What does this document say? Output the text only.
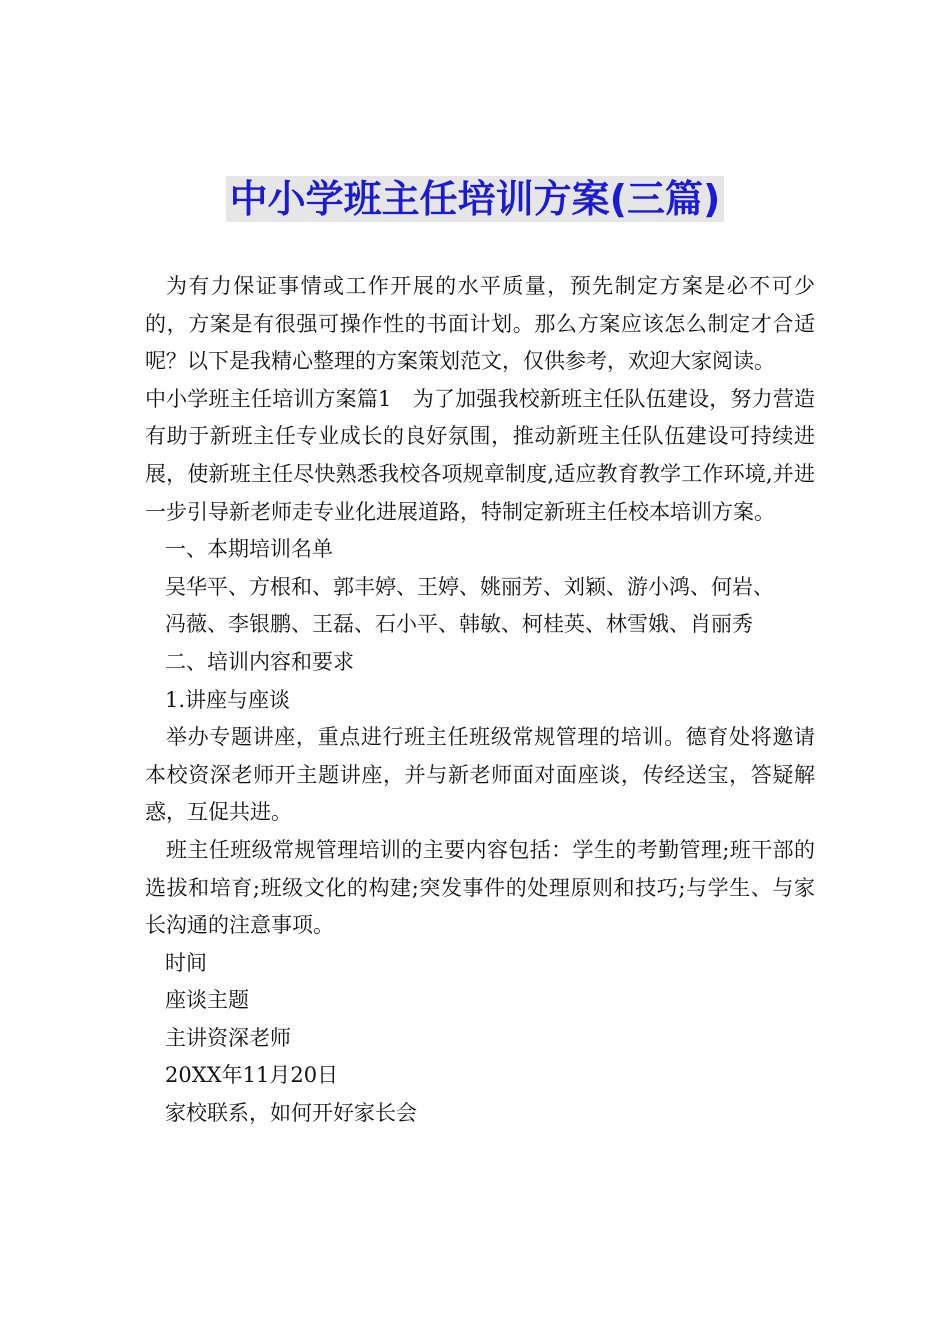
中小学班主任培训方案(三篇)

为有力保证事情或工作开展的水平质量，预先制定方案是必不可少的，方案是有很强可操作性的书面计划。那么方案应该怎么制定才合适呢？以下是我精心整理的方案策划范文，仅供参考，欢迎大家阅读。

中小学班主任培训方案篇1　为了加强我校新班主任队伍建设，努力营造有助于新班主任专业成长的良好氛围，推动新班主任队伍建设可持续进展，使新班主任尽快熟悉我校各项规章制度,适应教育教学工作环境,并进一步引导新老师走专业化进展道路，特制定新班主任校本培训方案。

一、本期培训名单

吴华平、方根和、郭丰婷、王婷、姚丽芳、刘颖、游小鸿、何岩、

冯薇、李银鹏、王磊、石小平、韩敏、柯桂英、林雪娥、肖丽秀

二、培训内容和要求

1.讲座与座谈

举办专题讲座，重点进行班主任班级常规管理的培训。德育处将邀请本校资深老师开主题讲座，并与新老师面对面座谈，传经送宝，答疑解惑，互促共进。

班主任班级常规管理培训的主要内容包括：学生的考勤管理;班干部的选拔和培育;班级文化的构建;突发事件的处理原则和技巧;与学生、与家长沟通的注意事项。

时间

座谈主题

主讲资深老师

20XX年11月20日

家校联系，如何开好家长会
